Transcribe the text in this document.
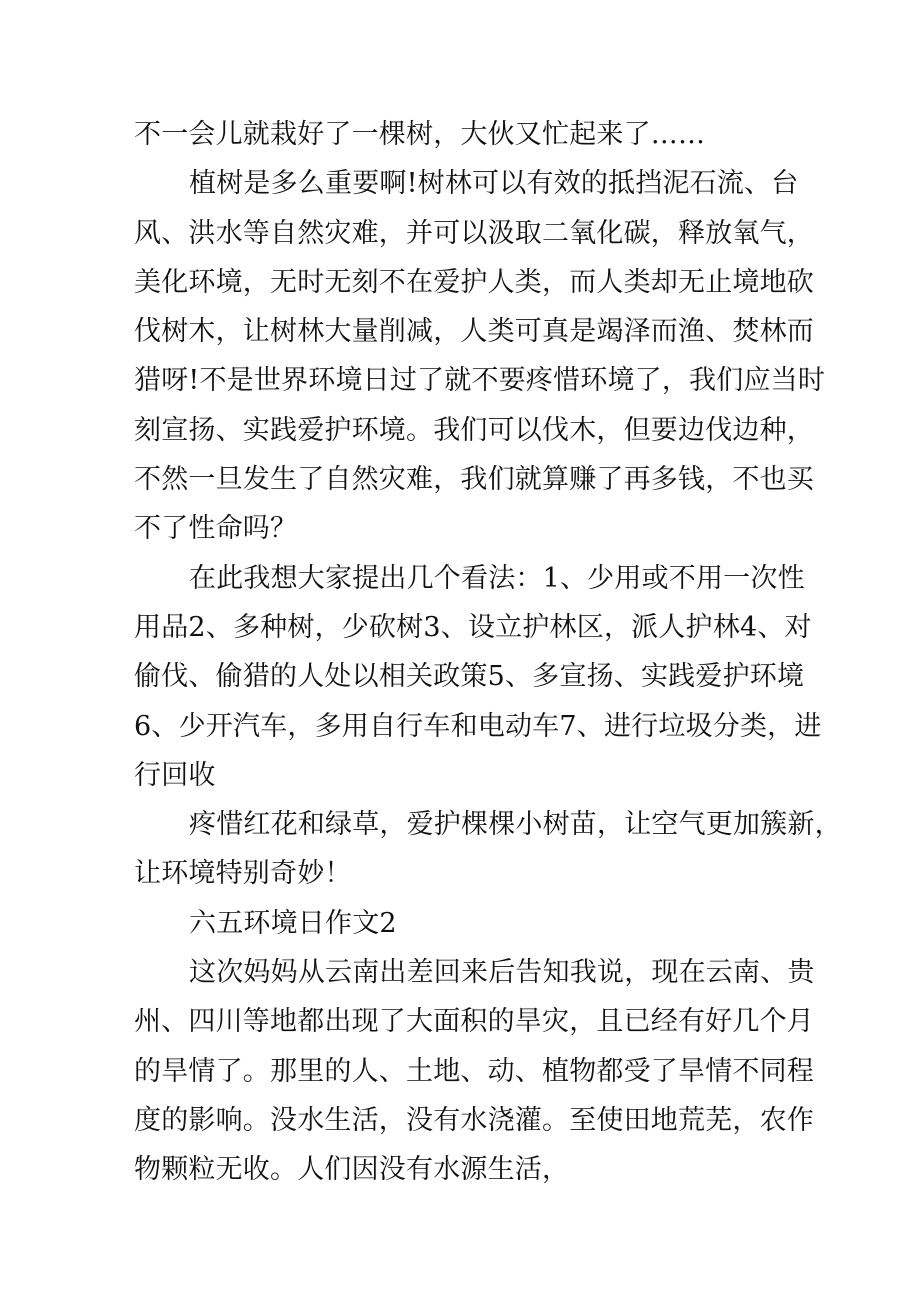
不一会儿就栽好了一棵树，大伙又忙起来了……

植树是多么重要啊!树林可以有效的抵挡泥石流、台

风、洪水等自然灾难，并可以汲取二氧化碳，释放氧气，

美化环境，无时无刻不在爱护人类，而人类却无止境地砍

伐树木，让树林大量削减，人类可真是竭泽而渔、焚林而

猎呀!不是世界环境日过了就不要疼惜环境了，我们应当时

刻宣扬、实践爱护环境。我们可以伐木，但要边伐边种，

不然一旦发生了自然灾难，我们就算赚了再多钱，不也买

不了性命吗？

在此我想大家提出几个看法：1、少用或不用一次性

用品2、多种树，少砍树3、设立护林区，派人护林4、对

偷伐、偷猎的人处以相关政策5、多宣扬、实践爱护环境

6、少开汽车，多用自行车和电动车7、进行垃圾分类，进

行回收

疼惜红花和绿草，爱护棵棵小树苗，让空气更加簇新，

让环境特别奇妙！

六五环境日作文2

这次妈妈从云南出差回来后告知我说，现在云南、贵

州、四川等地都出现了大面积的旱灾，且已经有好几个月

的旱情了。那里的人、土地、动、植物都受了旱情不同程

度的影响。没水生活，没有水浇灌。至使田地荒芜，农作

物颗粒无收。人们因没有水源生活，
